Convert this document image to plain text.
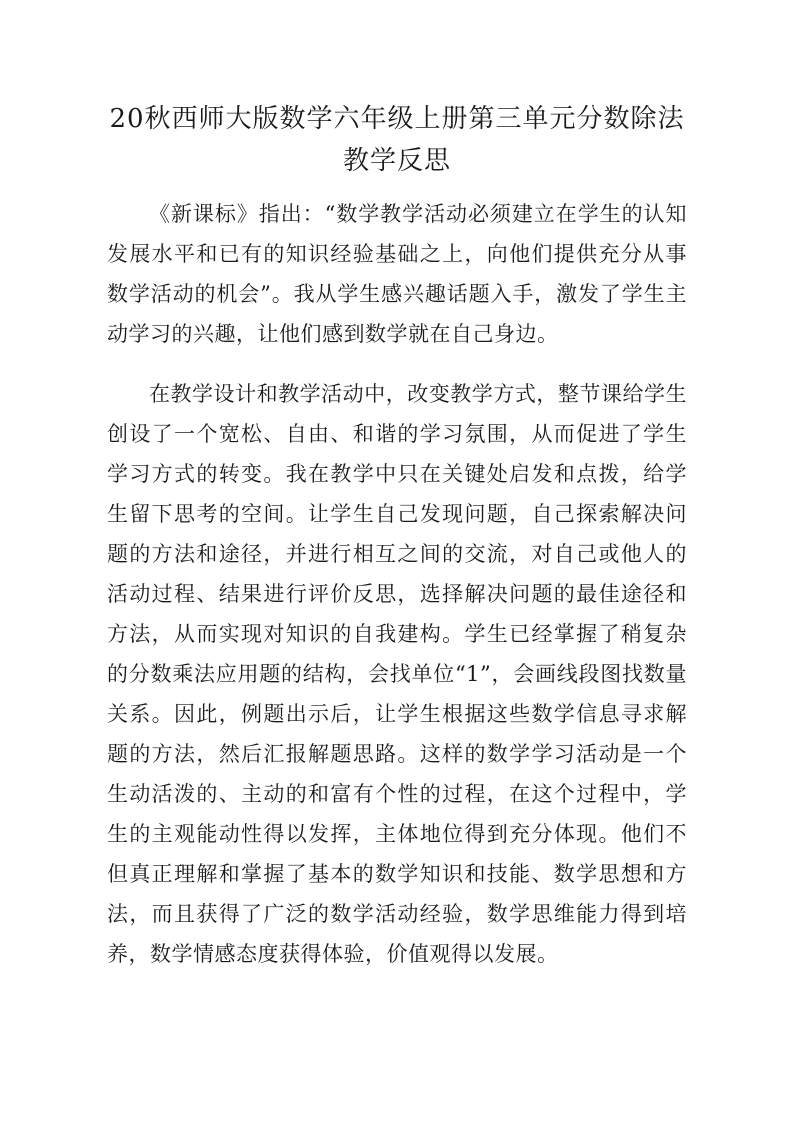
20秋西师大版数学六年级上册第三单元分数除法教学反思

《新课标》指出：“数学教学活动必须建立在学生的认知发展水平和已有的知识经验基础之上，向他们提供充分从事数学活动的机会”。我从学生感兴趣话题入手，激发了学生主动学习的兴趣，让他们感到数学就在自己身边。

在教学设计和教学活动中，改变教学方式，整节课给学生创设了一个宽松、自由、和谐的学习氛围，从而促进了学生学习方式的转变。我在教学中只在关键处启发和点拨，给学生留下思考的空间。让学生自己发现问题，自己探索解决问题的方法和途径，并进行相互之间的交流，对自己或他人的活动过程、结果进行评价反思，选择解决问题的最佳途径和方法，从而实现对知识的自我建构。学生已经掌握了稍复杂的分数乘法应用题的结构，会找单位“1”，会画线段图找数量关系。因此，例题出示后，让学生根据这些数学信息寻求解题的方法，然后汇报解题思路。这样的数学学习活动是一个生动活泼的、主动的和富有个性的过程，在这个过程中，学生的主观能动性得以发挥，主体地位得到充分体现。他们不但真正理解和掌握了基本的数学知识和技能、数学思想和方法，而且获得了广泛的数学活动经验，数学思维能力得到培养，数学情感态度获得体验，价值观得以发展。
